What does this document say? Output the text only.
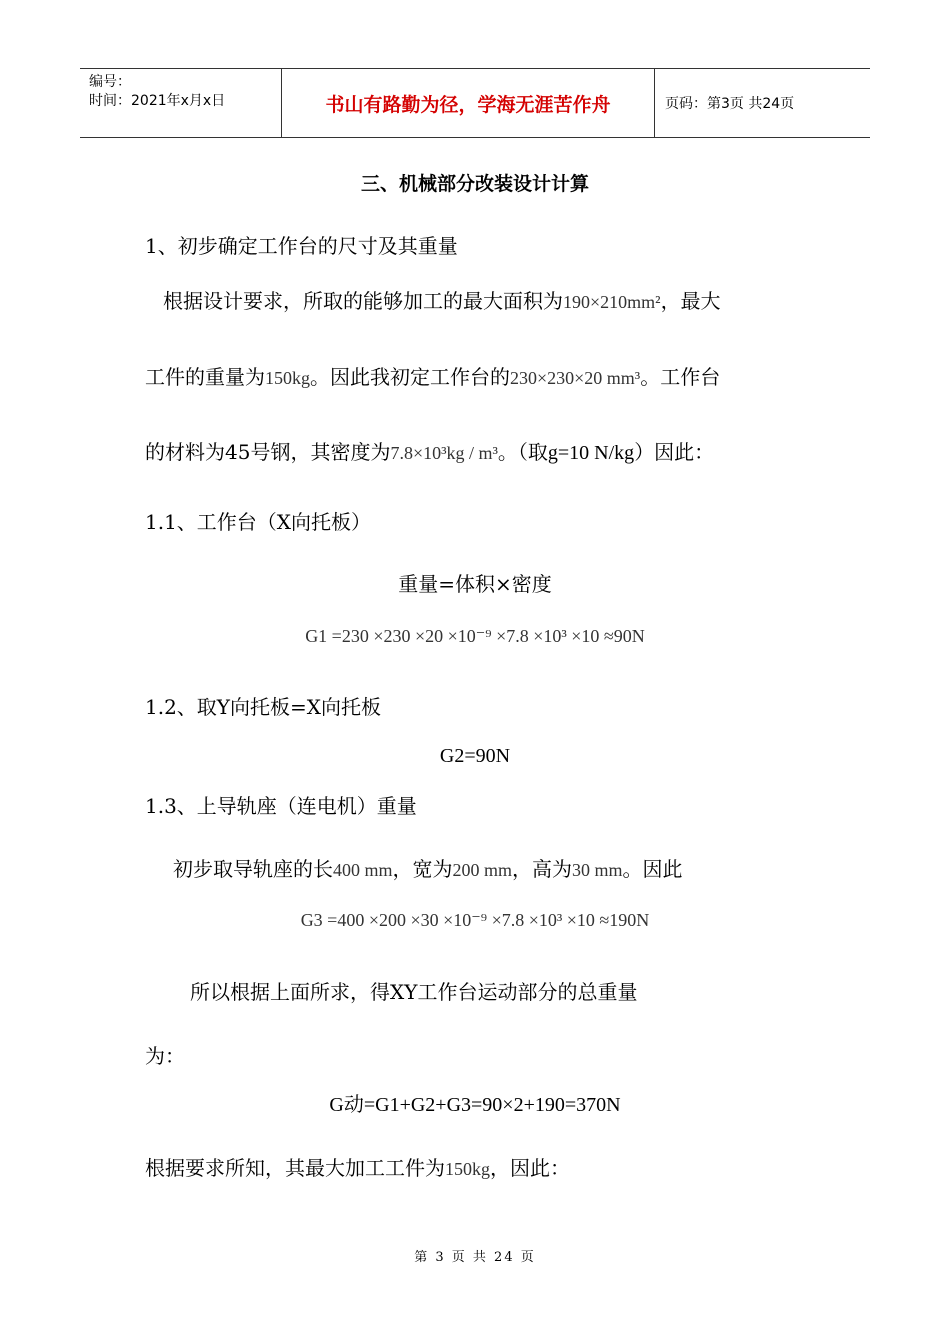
编号：
时间：2021年x月x日	书山有路勤为径，学海无涯苦作舟	页码：第3页 共24页
三、机械部分改装设计计算
1、初步确定工作台的尺寸及其重量
根据设计要求，所取的能够加工的最大面积为190×210mm²，最大
工件的重量为150kg。因此我初定工作台的230×230×20 mm³。工作台
的材料为45号钢，其密度为7.8×10³kg / m³。（取g=10 N/kg）因此：
1.1、工作台（X向托板）
重量=体积×密度
G1 =230 ×230 ×20 ×10⁻⁹ ×7.8 ×10³ ×10 ≈90N
1.2、取Y向托板=X向托板
G2=90N
1.3、上导轨座（连电机）重量
初步取导轨座的长400 mm，宽为200 mm，高为30 mm。因此
G3 =400 ×200 ×30 ×10⁻⁹ ×7.8 ×10³ ×10 ≈190N
所以根据上面所求，得XY工作台运动部分的总重量
为：
G动=G1+G2+G3=90×2+190=370N
根据要求所知，其最大加工工件为150kg，因此：
第 3 页 共 24 页
